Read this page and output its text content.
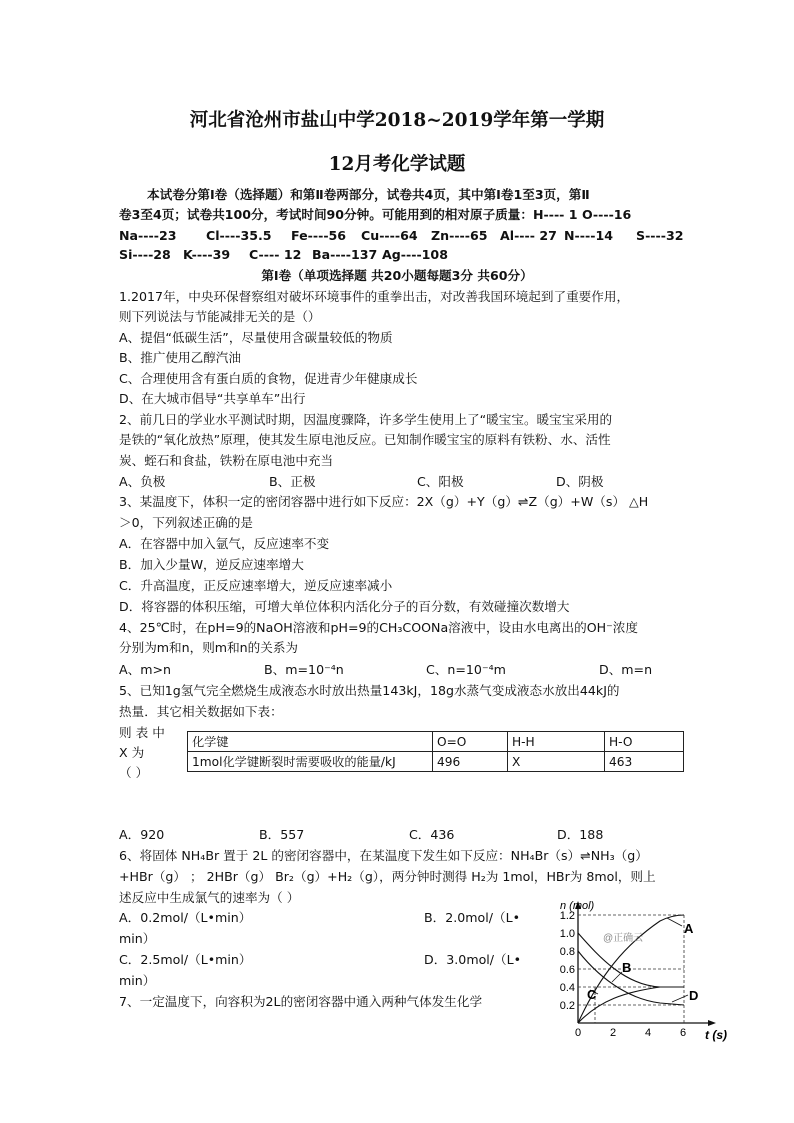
河北省沧州市盐山中学2018~2019学年第一学期
12月考化学试题
本试卷分第Ⅰ卷（选择题）和第Ⅱ卷两部分，试卷共4页，其中第Ⅰ卷1至3页，第Ⅱ
卷3至4页；试卷共100分，考试时间90分钟。可能用到的相对原子质量：H---- 1 O----16
Na----23 Cl----35.5 Fe----56 Cu----64 Zn----65 Al---- 27 N----14 S----32
Si----28 K----39 C---- 12 Ba----137 Ag----108
第Ⅰ卷（单项选择题 共20小题每题3分 共60分）
1.2017年，中央环保督察组对破坏环境事件的重拳出击，对改善我国环境起到了重要作用，
则下列说法与节能减排无关的是（）
A、提倡“低碳生活”，尽量使用含碳量较低的物质
B、推广使用乙醇汽油
C、合理使用含有蛋白质的食物，促进青少年健康成长
D、在大城市倡导“共享单车”出行
2、前几日的学业水平测试时期，因温度骤降，许多学生使用上了“暖宝宝。暖宝宝采用的
是铁的“氧化放热”原理，使其发生原电池反应。已知制作暖宝宝的原料有铁粉、水、活性
炭、蛭石和食盐，铁粉在原电池中充当
A、负极	B、正极	C、阳极	D、阴极
3、某温度下，体积一定的密闭容器中进行如下反应：2X（g）+Y（g）⇌Z（g）+W（s） △H
＞0，下列叙述正确的是
A．在容器中加入氩气，反应速率不变
B．加入少量W，逆反应速率增大
C．升高温度，正反应速率增大，逆反应速率减小
D．将容器的体积压缩，可增大单位体积内活化分子的百分数，有效碰撞次数增大
4、25℃时，在pH=9的NaOH溶液和pH=9的CH₃COONa溶液中，设由水电离出的OH⁻浓度
分别为m和n，则m和n的关系为
A、m>n	B、m=10⁻⁴n	C、n=10⁻⁴m	D、m=n
5、已知1g氢气完全燃烧生成液态水时放出热量143kJ，18g水蒸气变成液态水放出44kJ的
热量．其它相关数据如下表：
则 表 中
X 为
（ ）
化学键	O=O	H-H	H-O
1mol化学键断裂时需要吸收的能量/kJ	496	X	463
A．920	B．557	C．436	D．188
6、将固体 NH₄Br 置于 2L 的密闭容器中，在某温度下发生如下反应：NH₄Br（s）⇌NH₃（g）
+HBr（g） ； 2HBr（g） Br₂（g）+H₂（g），两分钟时测得 H₂为 1mol，HBr为 8mol，则上
述反应中生成氯气的速率为（ ）
A．0.2mol/（L•min）	B．2.0mol/（L•
min）
C．2.5mol/（L•min）	D．3.0mol/（L•
min）
7、一定温度下，向容积为2L的密闭容器中通入两种气体发生化学
n (mol)
t (s)
1.2
1.0
0.8
0.6
0.4
0.2
0	2	4	6
A
B
C	D
@正确云
